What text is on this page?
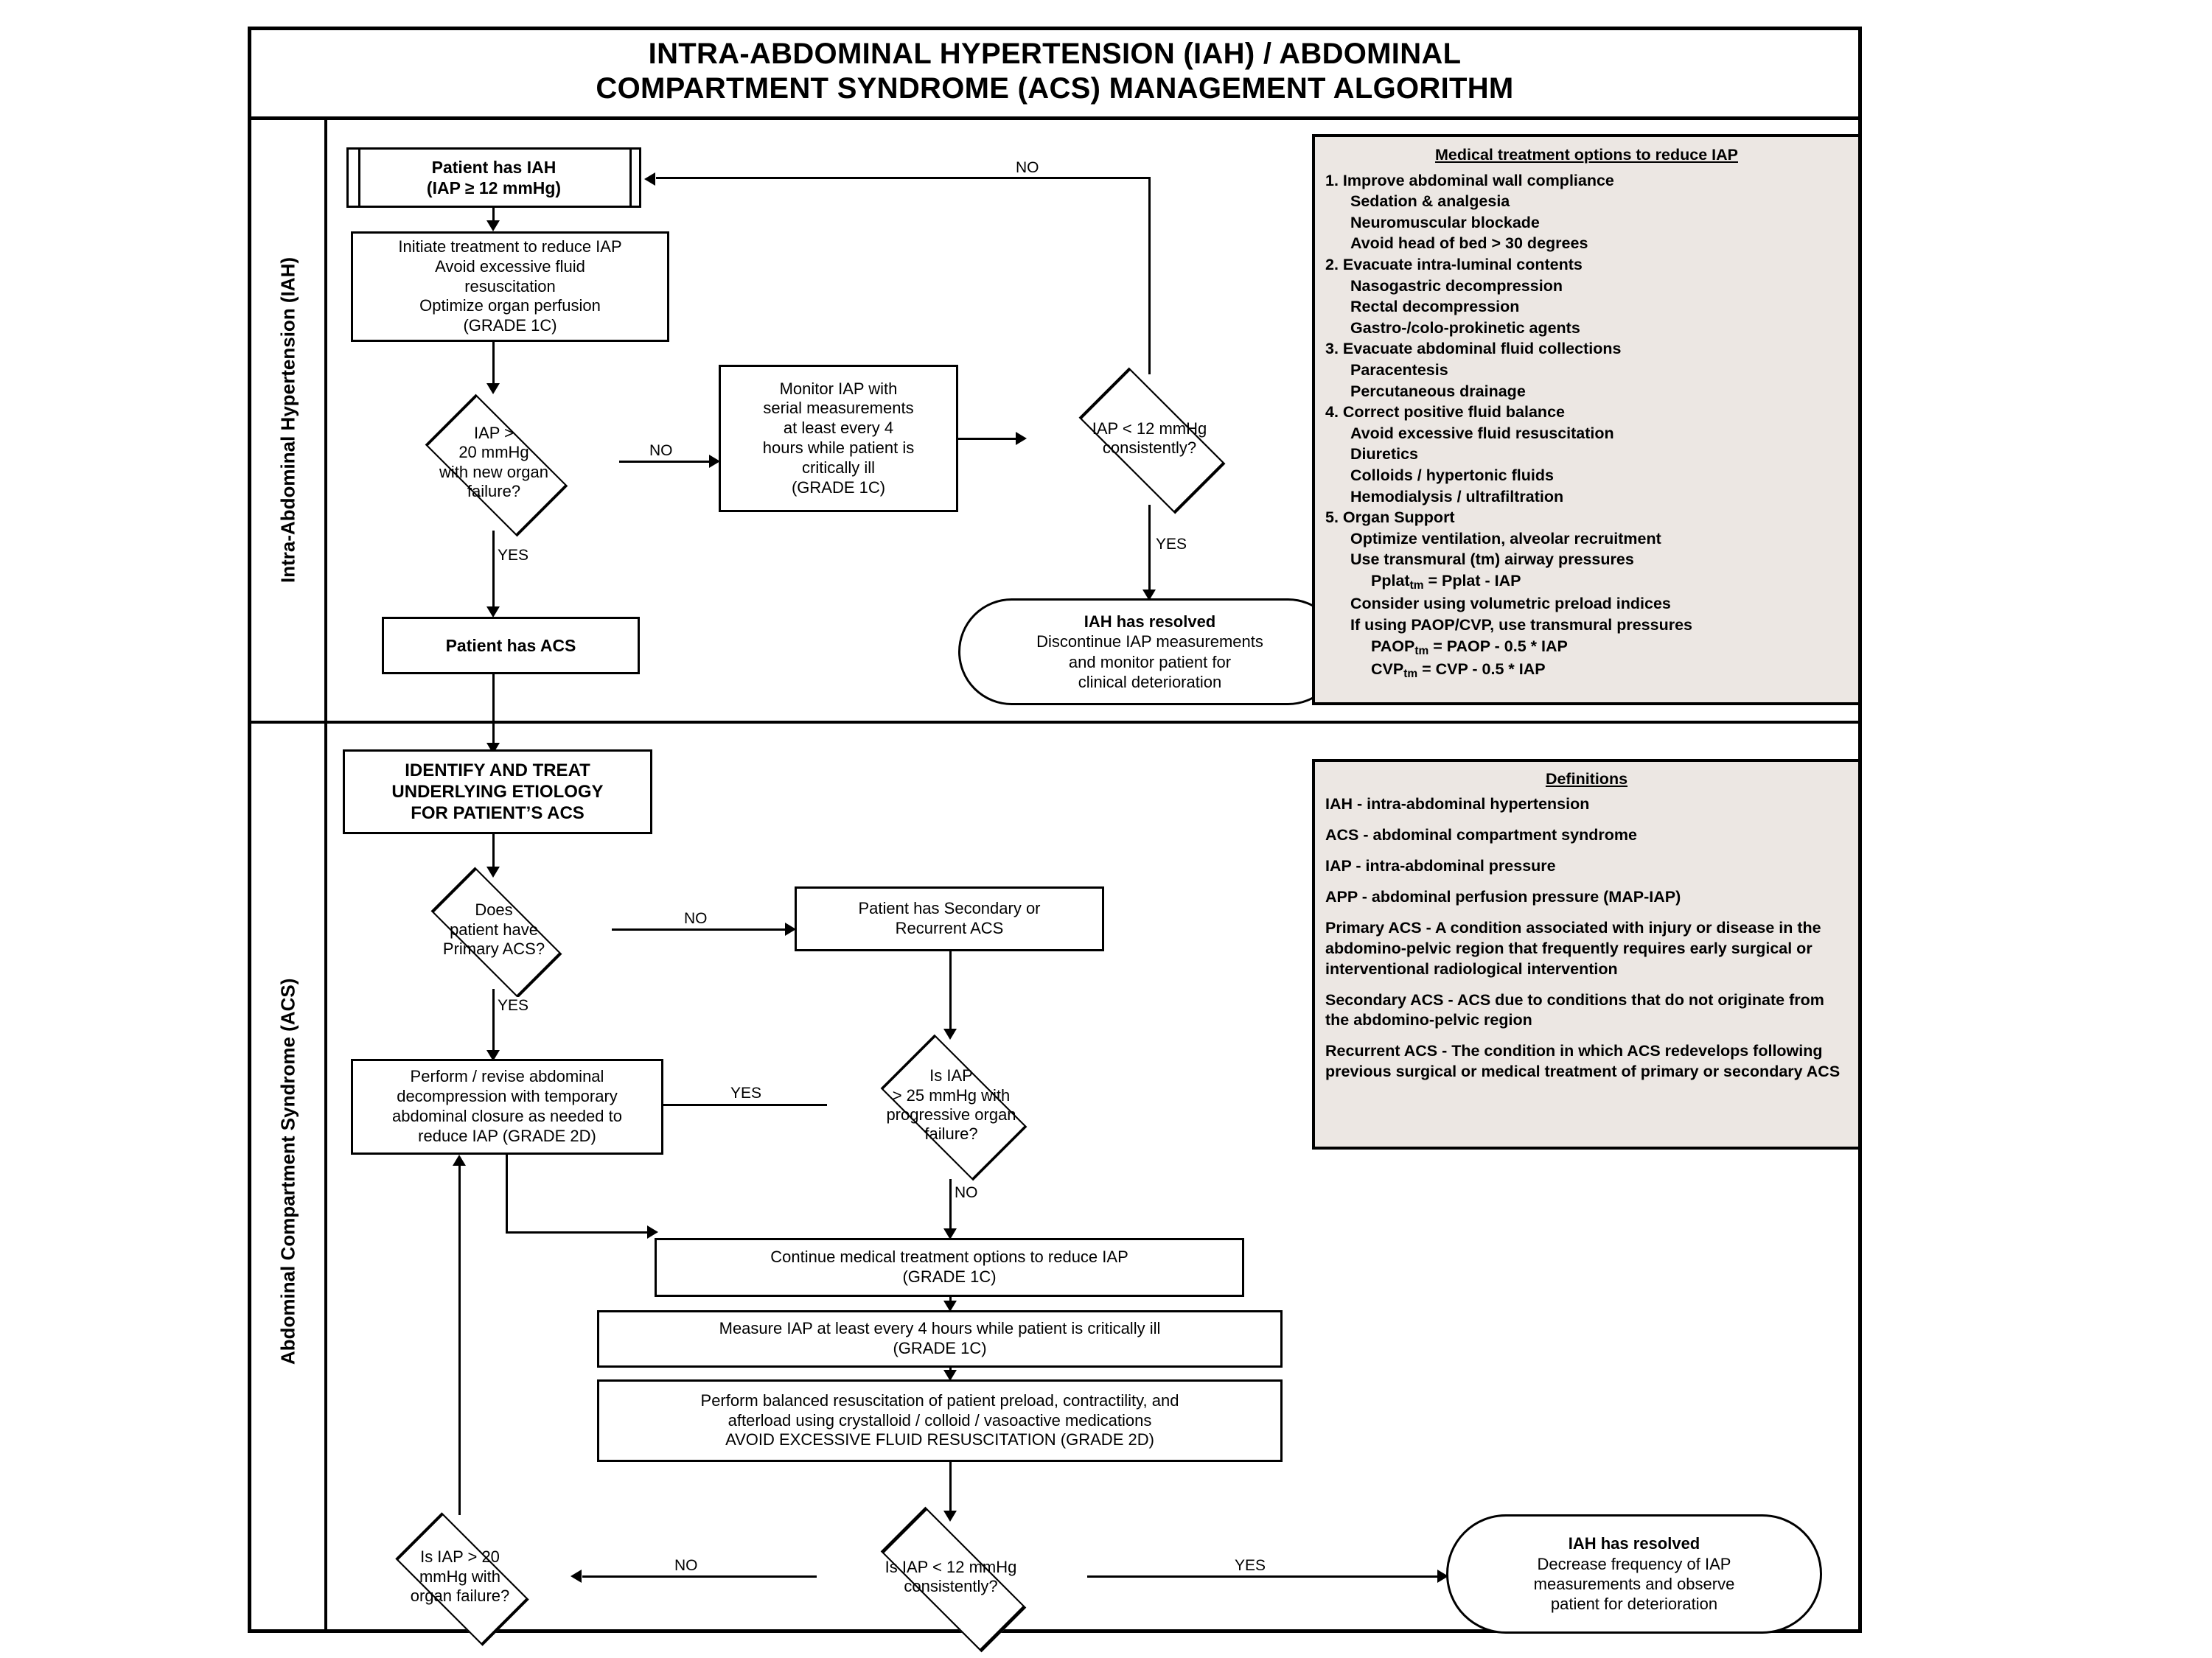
INTRA-ABDOMINAL HYPERTENSION (IAH) / ABDOMINAL
COMPARTMENT SYNDROME (ACS) MANAGEMENT ALGORITHM
Intra-Abdominal Hypertension (IAH)
Abdominal Compartment Syndrome (ACS)
Patient has IAH
(IAP ≥ 12 mmHg)
Initiate treatment to reduce IAP
Avoid excessive fluid
resuscitation
Optimize organ perfusion
(GRADE 1C)
IAP >
20 mmHg
with new organ
failure?
NO
Monitor IAP with
serial measurements
at least every 4
hours while patient is
critically ill
(GRADE 1C)
IAP < 12 mmHg
consistently?
NO
YES
IAH has resolved
Discontinue IAP measurements
and monitor patient for
clinical deterioration
YES
Patient has ACS
Medical treatment options to reduce IAP
1. Improve abdominal wall compliance
Sedation & analgesia
Neuromuscular blockade
Avoid head of bed > 30 degrees
2. Evacuate intra-luminal contents
Nasogastric decompression
Rectal decompression
Gastro-/colo-prokinetic agents
3. Evacuate abdominal fluid collections
Paracentesis
Percutaneous drainage
4. Correct positive fluid balance
Avoid excessive fluid resuscitation
Diuretics
Colloids / hypertonic fluids
Hemodialysis / ultrafiltration
5. Organ Support
Optimize ventilation, alveolar recruitment
Use transmural (tm) airway pressures
Pplat$_{tm}$ = Pplat - IAP
Consider using volumetric preload indices
If using PAOP/CVP, use transmural pressures
$PAOP_{tm}$ = PAOP - 0.5 * IAP
$CVP_{tm}$ = CVP - 0.5 * IAP
IDENTIFY AND TREAT
UNDERLYING ETIOLOGY
FOR PATIENT’S ACS
Does
patient have
Primary ACS?
NO
Patient has Secondary or
Recurrent ACS
Is IAP
> 25 mmHg with
progressive organ
failure?
YES
YES
Perform / revise abdominal
decompression with temporary
abdominal closure as needed to
reduce IAP (GRADE 2D)
NO
Continue medical treatment options to reduce IAP
(GRADE 1C)
Measure IAP at least every 4 hours while patient is critically ill
(GRADE 1C)
Perform balanced resuscitation of patient preload, contractility, and
afterload using crystalloid / colloid / vasoactive medications
AVOID EXCESSIVE FLUID RESUSCITATION (GRADE 2D)
Is IAP < 12 mmHg
consistently?
YES
IAH has resolved
Decrease frequency of IAP
measurements and observe
patient for deterioration
NO
Is IAP > 20
mmHg with
organ failure?
Definitions
IAH - intra-abdominal hypertension
ACS - abdominal compartment syndrome
IAP - intra-abdominal pressure
APP - abdominal perfusion pressure (MAP-IAP)
Primary ACS - A condition associated with injury or disease in the abdomino-pelvic region that frequently requires early surgical or interventional radiological intervention
Secondary ACS - ACS due to conditions that do not originate from the abdomino-pelvic region
Recurrent ACS - The condition in which ACS redevelops following previous surgical or medical treatment of primary or secondary ACS
